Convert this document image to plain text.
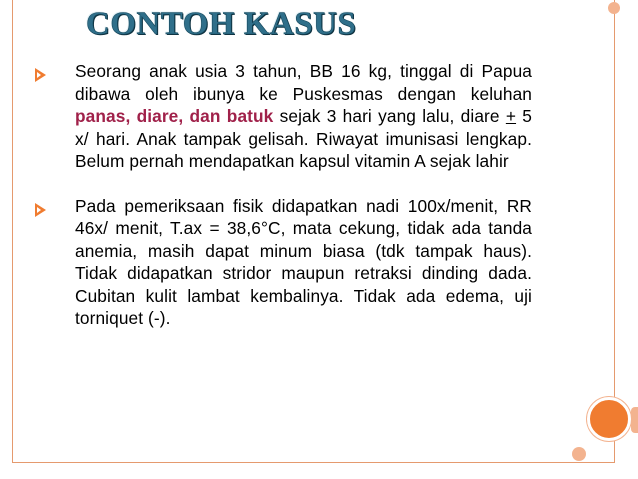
CONTOH KASUS
Seorang anak usia 3 tahun, BB 16 kg, tinggal di Papua dibawa oleh ibunya ke Puskesmas dengan keluhan panas, diare, dan batuk sejak 3 hari yang lalu, diare + 5 x/ hari. Anak tampak gelisah. Riwayat imunisasi lengkap. Belum pernah mendapatkan kapsul vitamin A sejak lahir
Pada pemeriksaan fisik didapatkan nadi 100x/menit, RR 46x/ menit, T.ax = 38,6°C, mata cekung, tidak ada tanda anemia, masih dapat minum biasa (tdk tampak haus). Tidak didapatkan stridor maupun retraksi dinding dada. Cubitan kulit lambat kembalinya. Tidak ada edema, uji torniquet (-).
